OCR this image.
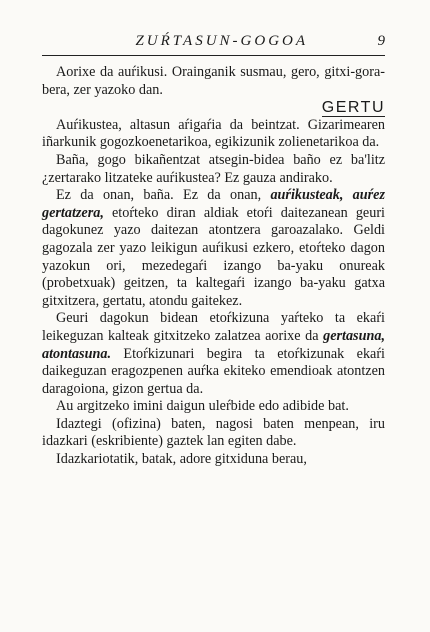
ZUŔTASUN-GOGOA	9

Aorixe da auŕikusi. Orainganik susmau, gero, gitxi-gora-bera, zer yazoko dan.

GERTU

Auŕikustea, altasun aŕigaŕia da beintzat. Gizarimearen iñarkunik gogozkoenetarikoa, egikizunik zolienetarikoa da.

Baña, gogo bikañentzat atsegin-bidea baño ez ba'litz ¿zertarako litzateke auŕikustea? Ez gauza andirako.

Ez da onan, baña. Ez da onan, auŕikusteak, auŕez gertatzera, etoŕteko diran aldiak etoŕi daitezanean geuri dagokunez yazo daitezan atontzera garoazalako. Geldi gagozala zer yazo leikigun auŕikusi ezkero, etoŕteko dagon yazokun ori, mezedegaŕi izango ba-yaku onureak (probetxuak) geitzen, ta kaltegaŕi izango ba-yaku gatxa gitxitzera, gertatu, atondu gaitekez.

Geuri dagokun bidean etoŕkizuna yaŕteko ta ekaŕi leikeguzan kalteak gitxitzeko zalatzea aorixe da gertasuna, atontasuna. Etoŕkizunari begira ta etoŕkizunak ekaŕi daikeguzan eragozpenen auŕka ekiteko emendioak atontzen daragoiona, gizon gertua da.

Au argitzeko imini daigun uleŕbide edo adibide bat.

Idaztegi (ofizina) baten, nagosi baten menpean, iru idazkari (eskribiente) gaztek lan egiten dabe.

Idazkariotatik, batak, adore gitxiduna berau,
